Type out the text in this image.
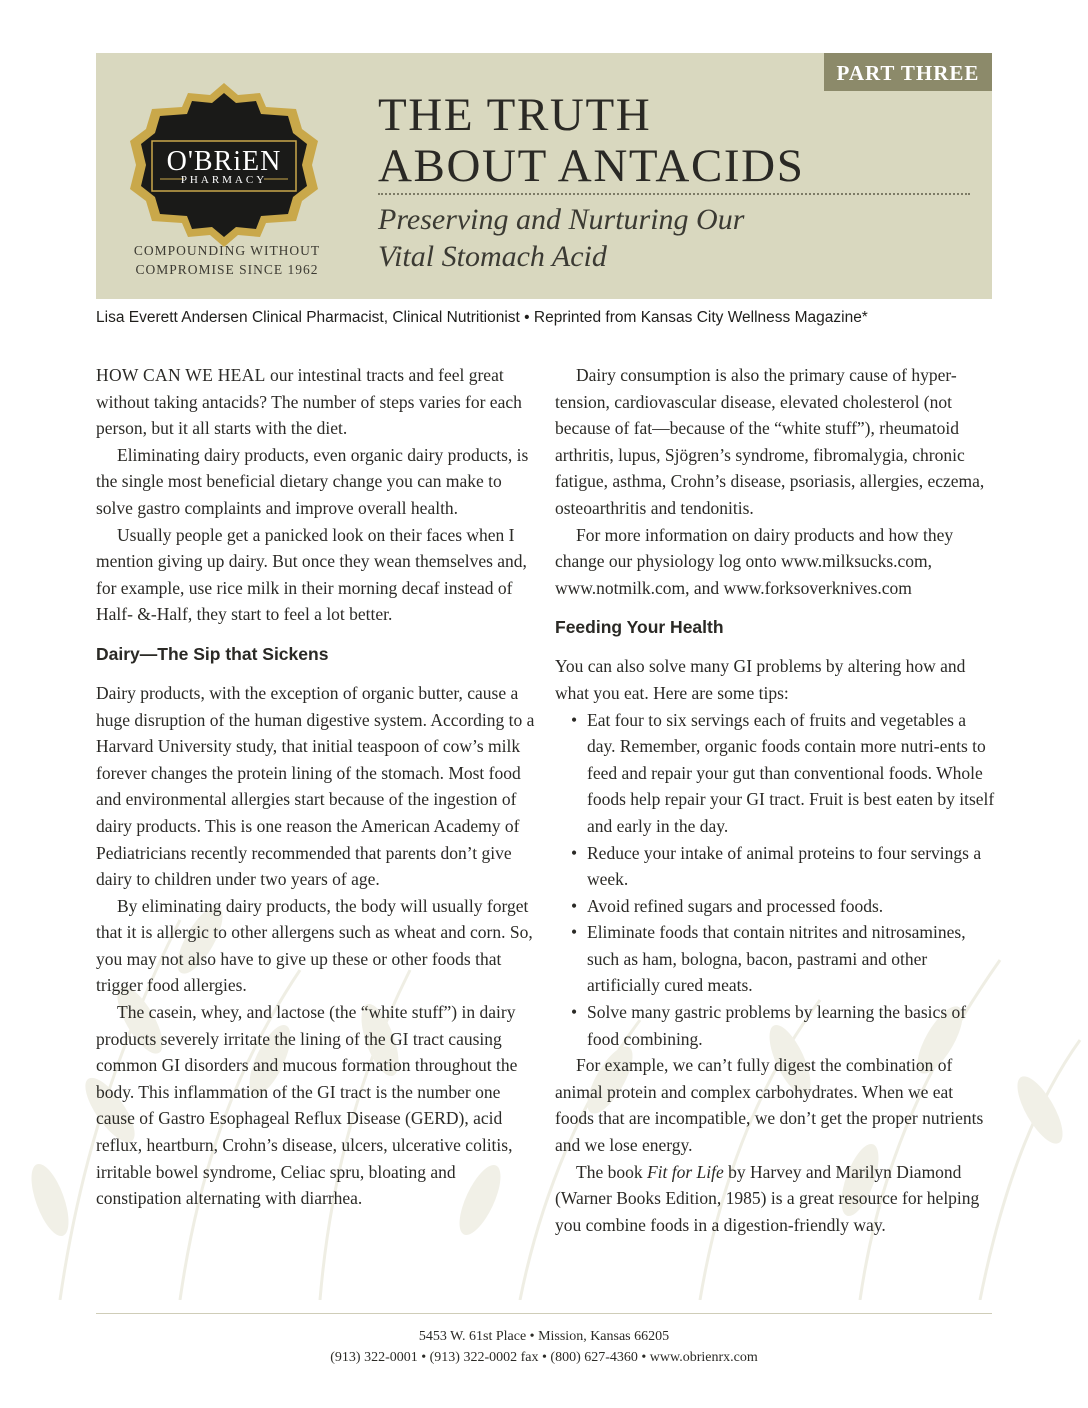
PART THREE
O'BRiEN
PHARMACY
COMPOUNDING WITHOUT
COMPROMISE SINCE 1962
THE TRUTH
ABOUT ANTACIDS
Preserving and Nurturing Our
Vital Stomach Acid
Lisa Everett Andersen Clinical Pharmacist, Clinical Nutritionist • Reprinted from Kansas City Wellness Magazine*

HOW CAN WE HEAL our intestinal tracts and feel great without taking antacids? The number of steps varies for each person, but it all starts with the diet.

Eliminating dairy products, even organic dairy products, is the single most beneficial dietary change you can make to solve gastro complaints and improve overall health.

Usually people get a panicked look on their faces when I mention giving up dairy. But once they wean themselves and, for example, use rice milk in their morning decaf instead of Half- &-Half, they start to feel a lot better.

Dairy—The Sip that Sickens

Dairy products, with the exception of organic butter, cause a huge disruption of the human digestive system. According to a Harvard University study, that initial teaspoon of cow’s milk forever changes the protein lining of the stomach. Most food and environmental allergies start because of the ingestion of dairy products. This is one reason the American Academy of Pediatricians recently recommended that parents don’t give dairy to children under two years of age.

By eliminating dairy products, the body will usually forget that it is allergic to other allergens such as wheat and corn. So, you may not also have to give up these or other foods that trigger food allergies.

The casein, whey, and lactose (the “white stuff”) in dairy products severely irritate the lining of the GI tract causing common GI disorders and mucous formation throughout the body. This inflammation of the GI tract is the number one cause of Gastro Esophageal Reflux Disease (GERD), acid reflux, heartburn, Crohn’s disease, ulcers, ulcerative colitis, irritable bowel syndrome, Celiac spru, bloating and constipation alternating with diarrhea.

Dairy consumption is also the primary cause of hyper-tension, cardiovascular disease, elevated cholesterol (not because of fat—because of the “white stuff”), rheumatoid arthritis, lupus, Sjögren’s syndrome, fibromalygia, chronic fatigue, asthma, Crohn’s disease, psoriasis, allergies, eczema, osteoarthritis and tendonitis.

For more information on dairy products and how they change our physiology log onto www.milksucks.com, www.notmilk.com, and www.forksoverknives.com

Feeding Your Health

You can also solve many GI problems by altering how and what you eat. Here are some tips:

• Eat four to six servings each of fruits and vegetables a day. Remember, organic foods contain more nutri-ents to feed and repair your gut than conventional foods. Whole foods help repair your GI tract. Fruit is best eaten by itself and early in the day.
• Reduce your intake of animal proteins to four servings a week.
• Avoid refined sugars and processed foods.
• Eliminate foods that contain nitrites and nitrosamines, such as ham, bologna, bacon, pastrami and other artificially cured meats.
• Solve many gastric problems by learning the basics of food combining.

For example, we can’t fully digest the combination of animal protein and complex carbohydrates. When we eat foods that are incompatible, we don’t get the proper nutrients and we lose energy.

The book Fit for Life by Harvey and Marilyn Diamond (Warner Books Edition, 1985) is a great resource for helping you combine foods in a digestion-friendly way.

5453 W. 61st Place • Mission, Kansas 66205
(913) 322-0001 • (913) 322-0002 fax • (800) 627-4360 • www.obrienrx.com
